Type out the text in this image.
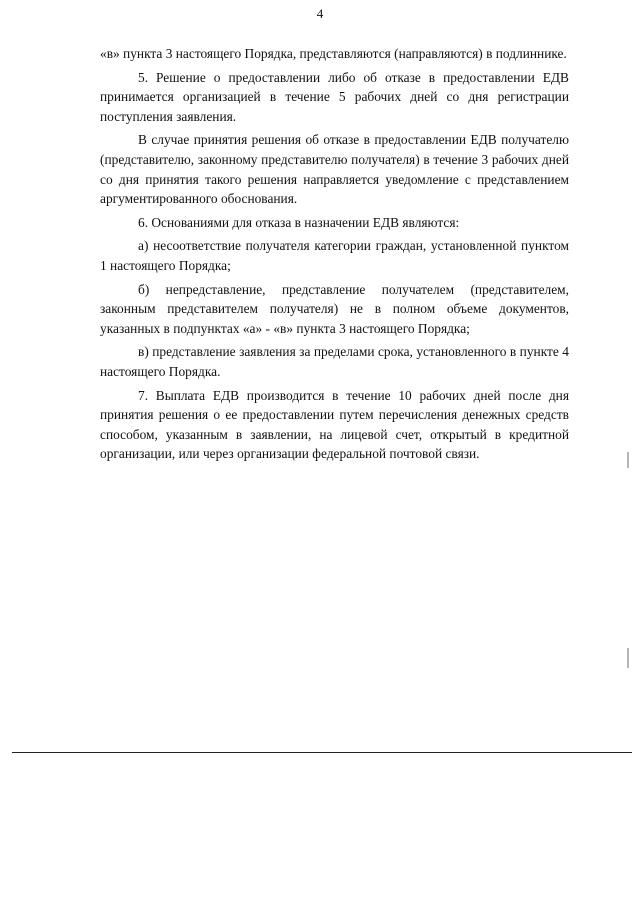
4

«в» пункта 3 настоящего Порядка, представляются (направляются) в подлиннике.

5. Решение о предоставлении либо об отказе в предоставлении ЕДВ принимается организацией в течение 5 рабочих дней со дня регистрации поступления заявления.

В случае принятия решения об отказе в предоставлении ЕДВ получателю (представителю, законному представителю получателя) в течение 3 рабочих дней со дня принятия такого решения направляется уведомление с представлением аргументированного обоснования.

6. Основаниями для отказа в назначении ЕДВ являются:

а) несоответствие получателя категории граждан, установленной пунктом 1 настоящего Порядка;

б) непредставление, представление получателем (представителем, законным представителем получателя) не в полном объеме документов, указанных в подпунктах «а» - «в» пункта 3 настоящего Порядка;

в) представление заявления за пределами срока, установленного в пункте 4 настоящего Порядка.

7. Выплата ЕДВ производится в течение 10 рабочих дней после дня принятия решения о ее предоставлении путем перечисления денежных средств способом, указанным в заявлении, на лицевой счет, открытый в кредитной организации, или через организации федеральной почтовой связи.
